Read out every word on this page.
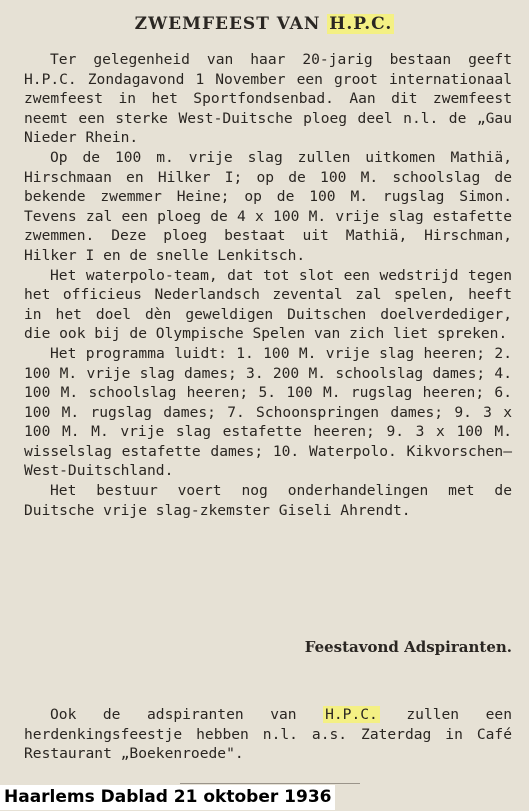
ZWEMFEEST VAN H.P.C.

Ter gelegenheid van haar 20-jarig bestaan geeft H.P.C. Zondagavond 1 November een groot internationaal zwemfeest in het Sportfondsenbad. Aan dit zwemfeest neemt een sterke West-Duitsche ploeg deel n.l. de „Gau Nieder Rhein.

Op de 100 m. vrije slag zullen uitkomen Mathiä, Hirschmaan en Hilker I; op de 100 M. schoolslag de bekende zwemmer Heine; op de 100 M. rugslag Simon. Tevens zal een ploeg de 4 x 100 M. vrije slag estafette zwemmen. Deze ploeg bestaat uit Mathiä, Hirschman, Hilker I en de snelle Lenkitsch.

Het waterpolo-team, dat tot slot een wedstrijd tegen het officieus Nederlandsch zevental zal spelen, heeft in het doel dèn geweldigen Duitschen doelverdediger, die ook bij de Olympische Spelen van zich liet spreken.

Het programma luidt: 1. 100 M. vrije slag heeren; 2. 100 M. vrije slag dames; 3. 200 M. schoolslag dames; 4. 100 M. schoolslag heeren; 5. 100 M. rugslag heeren; 6. 100 M. rugslag dames; 7. Schoonspringen dames; 9. 3 x 100 M. M. vrije slag estafette heeren; 9. 3 x 100 M. wisselslag estafette dames; 10. Waterpolo. Kikvorschen—West-Duitschland.

Het bestuur voert nog onderhandelingen met de Duitsche vrije slag-zkemster Giseli Ahrendt.

Feestavond Adspiranten.

Ook de adspiranten van H.P.C. zullen een herdenkingsfeestje hebben n.l. a.s. Zaterdag in Café Restaurant „Boekenroede".

Haarlems Dablad 21 oktober 1936
